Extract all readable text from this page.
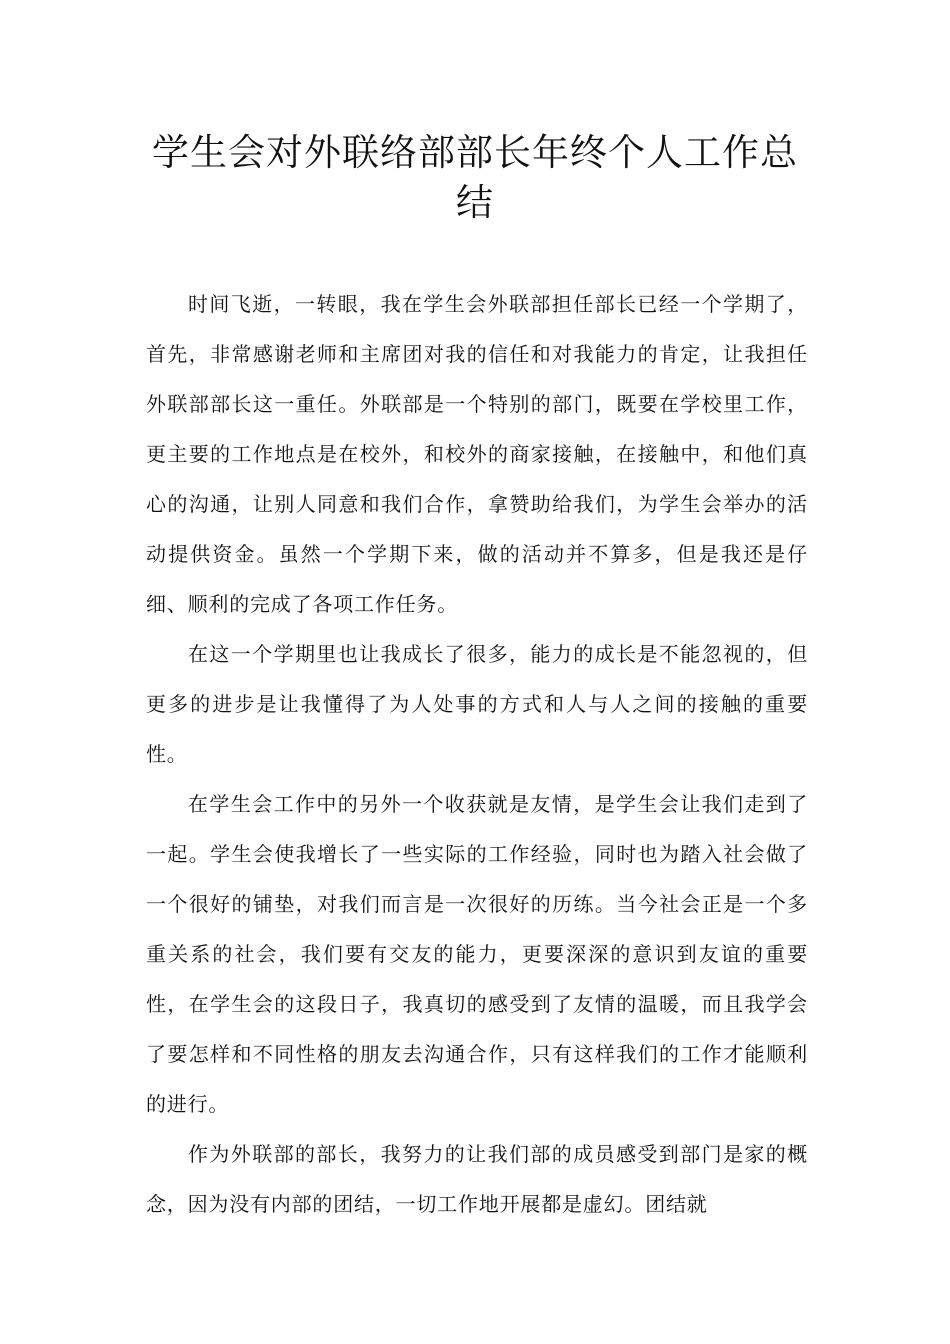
学生会对外联络部部长年终个人工作总结

时间飞逝，一转眼，我在学生会外联部担任部长已经一个学期了，首先，非常感谢老师和主席团对我的信任和对我能力的肯定，让我担任外联部部长这一重任。外联部是一个特别的部门，既要在学校里工作，更主要的工作地点是在校外，和校外的商家接触，在接触中，和他们真心的沟通，让别人同意和我们合作，拿赞助给我们，为学生会举办的活动提供资金。虽然一个学期下来，做的活动并不算多，但是我还是仔细、顺利的完成了各项工作任务。

在这一个学期里也让我成长了很多，能力的成长是不能忽视的，但更多的进步是让我懂得了为人处事的方式和人与人之间的接触的重要性。

在学生会工作中的另外一个收获就是友情，是学生会让我们走到了一起。学生会使我增长了一些实际的工作经验，同时也为踏入社会做了一个很好的铺垫，对我们而言是一次很好的历练。当今社会正是一个多重关系的社会，我们要有交友的能力，更要深深的意识到友谊的重要性，在学生会的这段日子，我真切的感受到了友情的温暖，而且我学会了要怎样和不同性格的朋友去沟通合作，只有这样我们的工作才能顺利的进行。

作为外联部的部长，我努力的让我们部的成员感受到部门是家的概念，因为没有内部的团结，一切工作地开展都是虚幻。团结就
